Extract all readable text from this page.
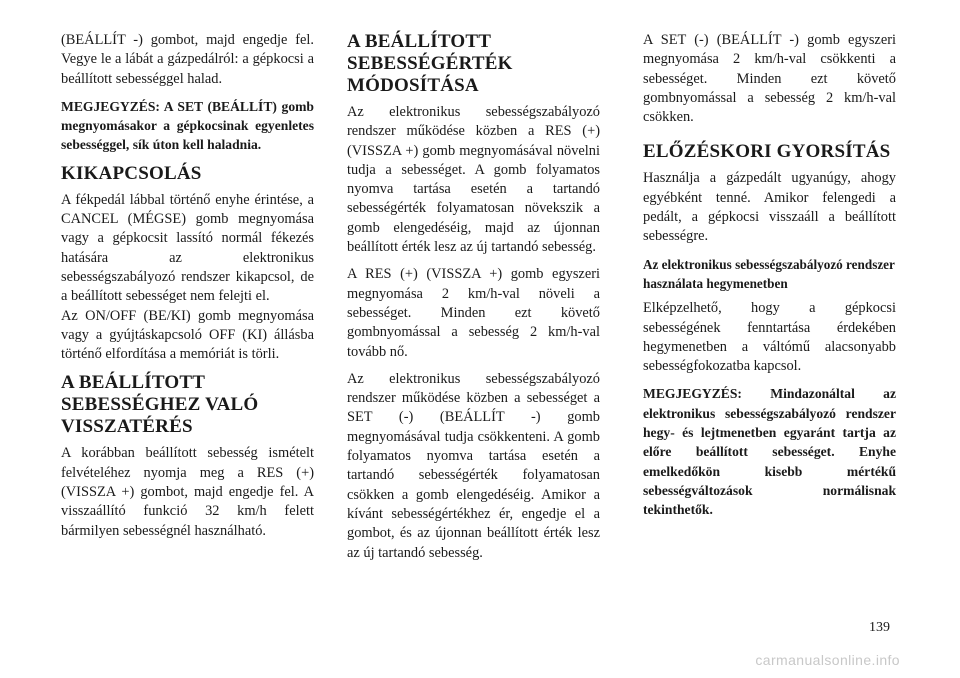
(BEÁLLÍT -) gombot, majd engedje fel. Vegye le a lábát a gázpedálról: a gépkocsi a beállított sebességgel halad.

MEGJEGYZÉS: A SET (BEÁLLÍT) gomb megnyomásakor a gépkocsinak egyenletes sebességgel, sík úton kell haladnia.

KIKAPCSOLÁS

A fékpedál lábbal történő enyhe érintése, a CANCEL (MÉGSE) gomb megnyomása vagy a gépkocsit lassító normál fékezés hatására az elektronikus sebességszabályozó rendszer kikapcsol, de a beállított sebességet nem felejti el.

Az ON/OFF (BE/KI) gomb megnyomása vagy a gyújtáskapcsoló OFF (KI) állásba történő elfordítása a memóriát is törli.

A BEÁLLÍTOTT SEBESSÉGHEZ VALÓ VISSZATÉRÉS

A korábban beállított sebesség ismételt felvételéhez nyomja meg a RES (+) (VISSZA +) gombot, majd engedje fel. A visszaállító funkció 32 km/h felett bármilyen sebességnél használható.

A BEÁLLÍTOTT SEBESSÉGÉRTÉK MÓDOSÍTÁSA

Az elektronikus sebességszabályozó rendszer működése közben a RES (+) (VISSZA +) gomb megnyomásával növelni tudja a sebességet. A gomb folyamatos nyomva tartása esetén a tartandó sebességérték folyamatosan növekszik a gomb elengedéséig, majd az újonnan beállított érték lesz az új tartandó sebesség.

A RES (+) (VISSZA +) gomb egyszeri megnyomása 2 km/h-val növeli a sebességet. Minden ezt követő gombnyomással a sebesség 2 km/h-val tovább nő.

Az elektronikus sebességszabályozó rendszer működése közben a sebességet a SET (-) (BEÁLLÍT -) gomb megnyomásával tudja csökkenteni. A gomb folyamatos nyomva tartása esetén a tartandó sebességérték folyamatosan csökken a gomb elengedéséig. Amikor a kívánt sebességértékhez ér, engedje el a gombot, és az újonnan beállított érték lesz az új tartandó sebesség.

A SET (-) (BEÁLLÍT -) gomb egyszeri megnyomása 2 km/h-val csökkenti a sebességet. Minden ezt követő gombnyomással a sebesség 2 km/h-val csökken.

ELŐZÉSKORI GYORSÍTÁS

Használja a gázpedált ugyanúgy, ahogy egyébként tenné. Amikor felengedi a pedált, a gépkocsi visszaáll a beállított sebességre.

Az elektronikus sebességszabályozó rendszer használata hegymenetben

Elképzelhető, hogy a gépkocsi sebességének fenntartása érdekében hegymenetben a váltómű alacsonyabb sebességfokozatba kapcsol.

MEGJEGYZÉS: Mindazonáltal az elektronikus sebességszabályozó rendszer hegy- és lejtmenetben egyaránt tartja az előre beállított sebességet. Enyhe emelkedőkön kisebb mértékű sebességváltozások normálisnak tekinthetők.

139
carmanualsonline.info
